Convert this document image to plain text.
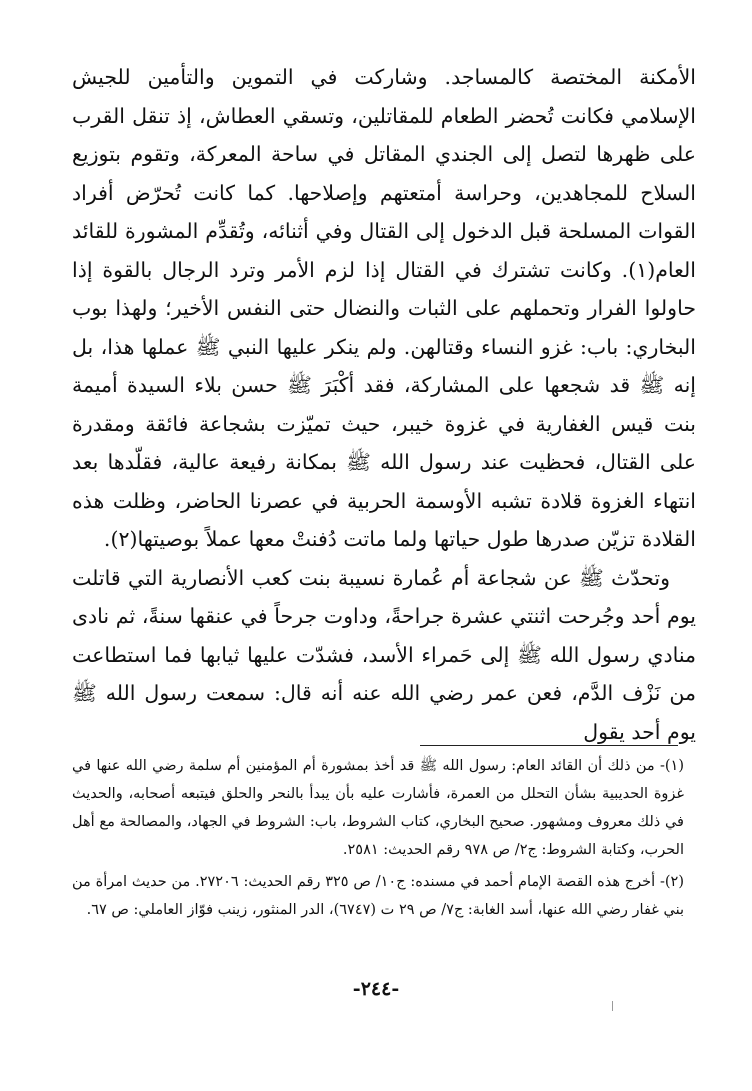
الأمكنة المختصة كالمساجد. وشاركت في التموين والتأمين للجيش الإسلامي فكانت تُحضر الطعام للمقاتلين، وتسقي العطاش، إذ تنقل القرب على ظهرها لتصل إلى الجندي المقاتل في ساحة المعركة، وتقوم بتوزيع السلاح للمجاهدين، وحراسة أمتعتهم وإصلاحها. كما كانت تُحرّض أفراد القوات المسلحة قبل الدخول إلى القتال وفي أثنائه، وتُقدِّم المشورة للقائد العام(١). وكانت تشترك في القتال إذا لزم الأمر وترد الرجال بالقوة إذا حاولوا الفرار وتحملهم على الثبات والنضال حتى النفس الأخير؛ ولهذا بوب البخاري: باب: غزو النساء وقتالهن. ولم ينكر عليها النبي ﷺ عملها هذا، بل إنه ﷺ قد شجعها على المشاركة، فقد أكْبَرَ ﷺ حسن بلاء السيدة أميمة بنت قيس الغفارية في غزوة خيبر، حيث تميّزت بشجاعة فائقة ومقدرة على القتال، فحظيت عند رسول الله ﷺ بمكانة رفيعة عالية، فقلّدها بعد انتهاء الغزوة قلادة تشبه الأوسمة الحربية في عصرنا الحاضر، وظلت هذه القلادة تزيّن صدرها طول حياتها ولما ماتت دُفنتْ معها عملاً بوصيتها(٢).

وتحدّث ﷺ عن شجاعة أم عُمارة نسيبة بنت كعب الأنصارية التي قاتلت يوم أحد وجُرحت اثنتي عشرة جراحةً، وداوت جرحاً في عنقها سنةً، ثم نادى منادي رسول الله ﷺ إلى حَمراء الأسد، فشدّت عليها ثيابها فما استطاعت من نَزْف الدَّم، فعن عمر رضي الله عنه أنه قال: سمعت رسول الله ﷺ يوم أحد يقول

(١)- من ذلك أن القائد العام: رسول الله ﷺ قد أخذ بمشورة أم المؤمنين أم سلمة رضي الله عنها في غزوة الحديبية بشأن التحلل من العمرة، فأشارت عليه بأن يبدأ بالنحر والحلق فيتبعه أصحابه، والحديث في ذلك معروف ومشهور. صحيح البخاري، كتاب الشروط، باب: الشروط في الجهاد، والمصالحة مع أهل الحرب، وكتابة الشروط: ج٢/ ص ٩٧٨ رقم الحديث: ٢٥٨١.

(٢)- أخرج هذه القصة الإمام أحمد في مسنده: ج١٠/ ص ٣٢٥ رقم الحديث: ٢٧٢٠٦. من حديث امرأة من بني غفار رضي الله عنها، أسد الغابة: ج٧/ ص ٢٩ ت (٦٧٤٧)، الدر المنثور، زينب فوّاز العاملي: ص ٦٧.

-٢٤٤-
